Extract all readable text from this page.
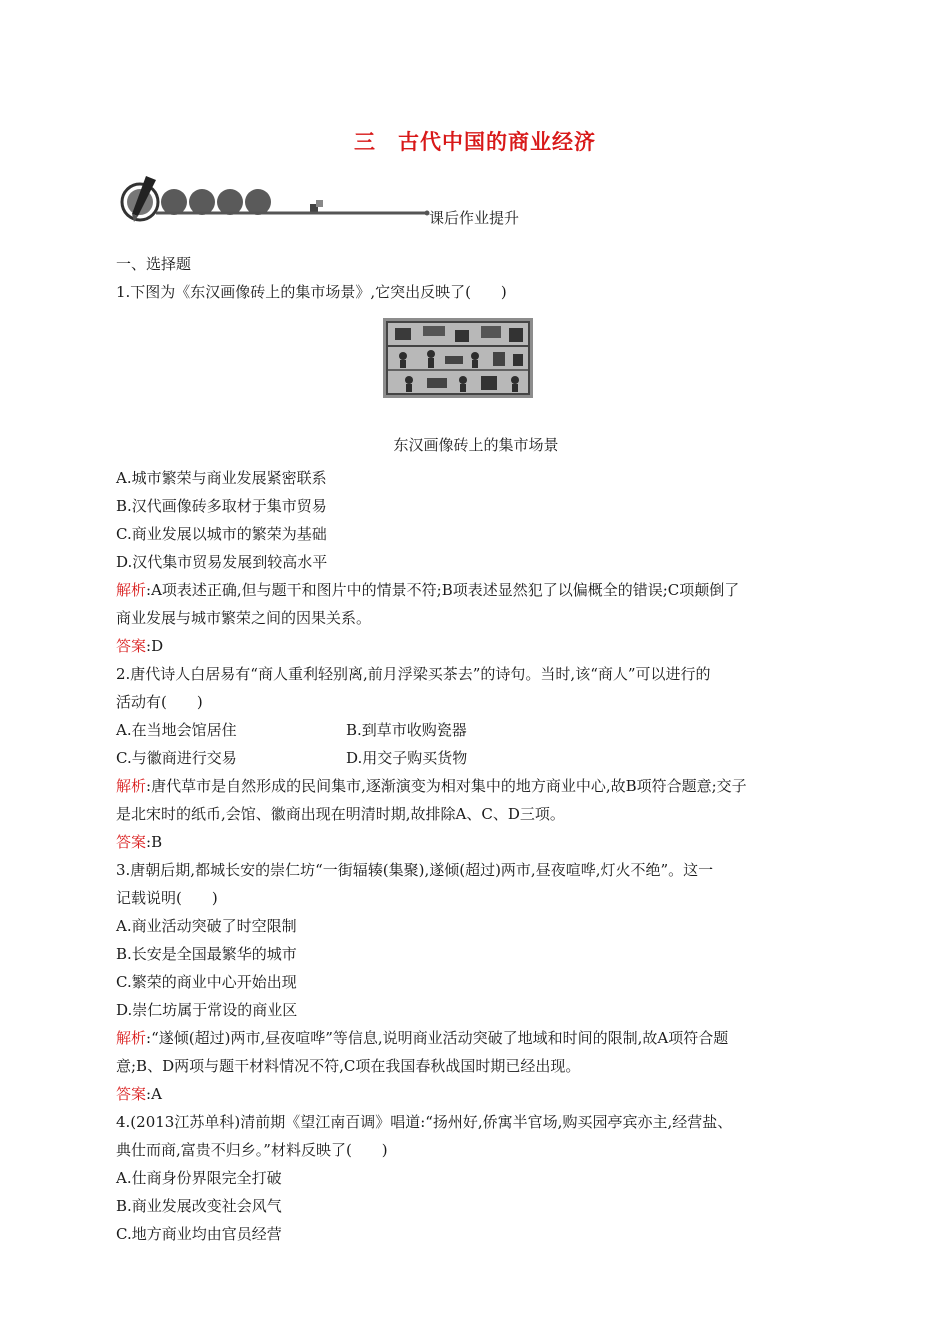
三　古代中国的商业经济
课后作业提升
一、选择题
1.下图为《东汉画像砖上的集市场景》,它突出反映了(　　)
东汉画像砖上的集市场景
A.城市繁荣与商业发展紧密联系
B.汉代画像砖多取材于集市贸易
C.商业发展以城市的繁荣为基础
D.汉代集市贸易发展到较高水平
解析:A项表述正确,但与题干和图片中的情景不符;B项表述显然犯了以偏概全的错误;C项颠倒了
商业发展与城市繁荣之间的因果关系。
答案:D
2.唐代诗人白居易有“商人重利轻别离,前月浮梁买茶去”的诗句。当时,该“商人”可以进行的
活动有(　　)
A.在当地会馆居住	B.到草市收购瓷器
C.与徽商进行交易	D.用交子购买货物
解析:唐代草市是自然形成的民间集市,逐渐演变为相对集中的地方商业中心,故B项符合题意;交子
是北宋时的纸币,会馆、徽商出现在明清时期,故排除A、C、D三项。
答案:B
3.唐朝后期,都城长安的崇仁坊“一街辐辏(集聚),遂倾(超过)两市,昼夜喧哗,灯火不绝”。这一
记载说明(　　)
A.商业活动突破了时空限制
B.长安是全国最繁华的城市
C.繁荣的商业中心开始出现
D.崇仁坊属于常设的商业区
解析:“遂倾(超过)两市,昼夜喧哗”等信息,说明商业活动突破了地域和时间的限制,故A项符合题
意;B、D两项与题干材料情况不符,C项在我国春秋战国时期已经出现。
答案:A
4.(2013江苏单科)清前期《望江南百调》唱道:“扬州好,侨寓半官场,购买园亭宾亦主,经营盐、
典仕而商,富贵不归乡。”材料反映了(　　)
A.仕商身份界限完全打破
B.商业发展改变社会风气
C.地方商业均由官员经营
